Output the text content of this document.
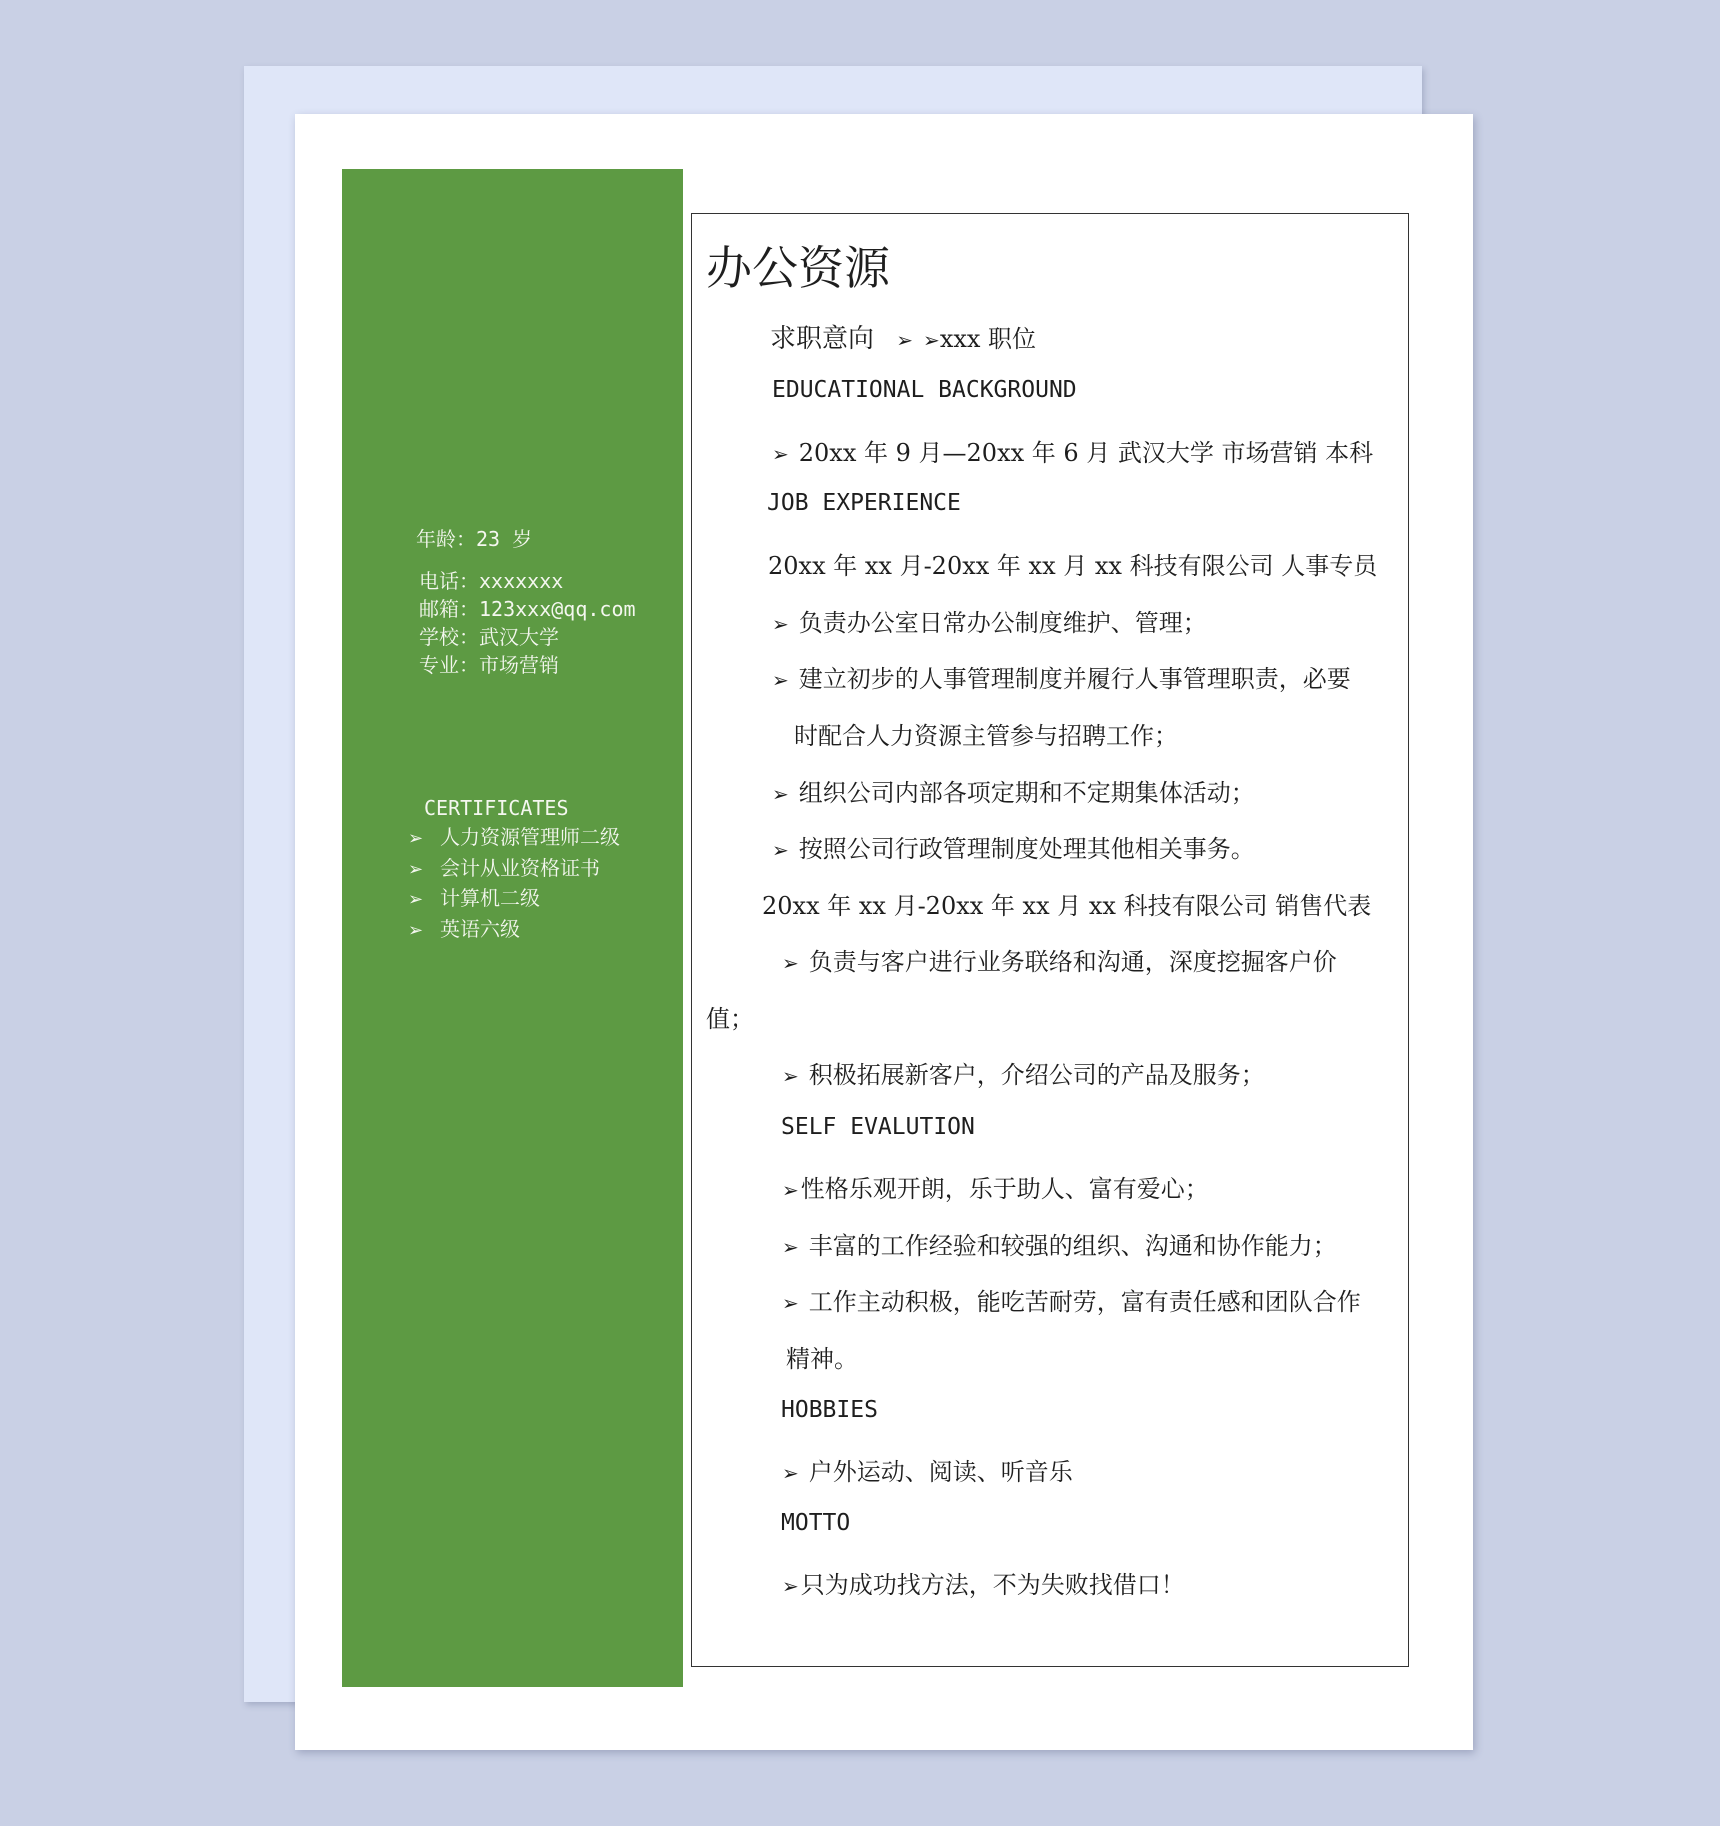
年龄：23 岁
电话：xxxxxxx
邮箱：123xxx@qq.com
学校：武汉大学
专业：市场营销
CERTIFICATES
➢ 人力资源管理师二级
➢ 会计从业资格证书
➢ 计算机二级
➢ 英语六级
办公资源
求职意向 ➢ ➢xxx 职位
EDUCATIONAL BACKGROUND
➢ 20xx 年 9 月—20xx 年 6 月 武汉大学 市场营销 本科
JOB EXPERIENCE
20xx 年 xx 月-20xx 年 xx 月 xx 科技有限公司 人事专员
➢ 负责办公室日常办公制度维护、管理；
➢ 建立初步的人事管理制度并履行人事管理职责，必要
时配合人力资源主管参与招聘工作；
➢ 组织公司内部各项定期和不定期集体活动；
➢ 按照公司行政管理制度处理其他相关事务。
20xx 年 xx 月-20xx 年 xx 月 xx 科技有限公司 销售代表
➢ 负责与客户进行业务联络和沟通，深度挖掘客户价
值；
➢ 积极拓展新客户，介绍公司的产品及服务；
SELF EVALUTION
➢性格乐观开朗，乐于助人、富有爱心；
➢ 丰富的工作经验和较强的组织、沟通和协作能力；
➢ 工作主动积极，能吃苦耐劳，富有责任感和团队合作
精神。
HOBBIES
➢ 户外运动、阅读、听音乐
MOTTO
➢只为成功找方法，不为失败找借口！
